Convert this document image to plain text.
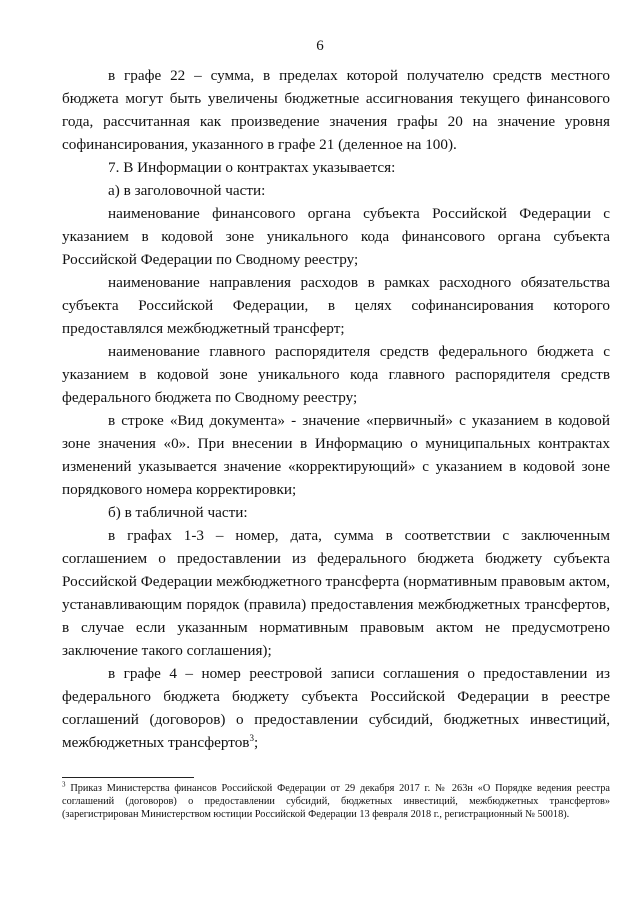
6

в графе 22 – сумма, в пределах которой получателю средств местного бюджета могут быть увеличены бюджетные ассигнования текущего финансового года, рассчитанная как произведение значения графы 20 на значение уровня софинансирования, указанного в графе 21 (деленное на 100).

7. В Информации о контрактах указывается:

а) в заголовочной части:

наименование финансового органа субъекта Российской Федерации с указанием в кодовой зоне уникального кода финансового органа субъекта Российской Федерации по Сводному реестру;

наименование направления расходов в рамках расходного обязательства субъекта Российской Федерации, в целях софинансирования которого предоставлялся межбюджетный трансферт;

наименование главного распорядителя средств федерального бюджета с указанием в кодовой зоне уникального кода главного распорядителя средств федерального бюджета по Сводному реестру;

в строке «Вид документа» - значение «первичный» с указанием в кодовой зоне значения «0». При внесении в Информацию о муниципальных контрактах изменений указывается значение «корректирующий» с указанием в кодовой зоне порядкового номера корректировки;

б) в табличной части:

в графах 1-3 – номер, дата, сумма в соответствии с заключенным соглашением о предоставлении из федерального бюджета бюджету субъекта Российской Федерации межбюджетного трансферта (нормативным правовым актом, устанавливающим порядок (правила) предоставления межбюджетных трансфертов, в случае если указанным нормативным правовым актом не предусмотрено заключение такого соглашения);

в графе 4 – номер реестровой записи соглашения о предоставлении из федерального бюджета бюджету субъекта Российской Федерации в реестре соглашений (договоров) о предоставлении субсидий, бюджетных инвестиций, межбюджетных трансфертов$^3$;

$^3$ Приказ Министерства финансов Российской Федерации от 29 декабря 2017 г. № 263н «О Порядке ведения реестра соглашений (договоров) о предоставлении субсидий, бюджетных инвестиций, межбюджетных трансфертов» (зарегистрирован Министерством юстиции Российской Федерации 13 февраля 2018 г., регистрационный № 50018).
